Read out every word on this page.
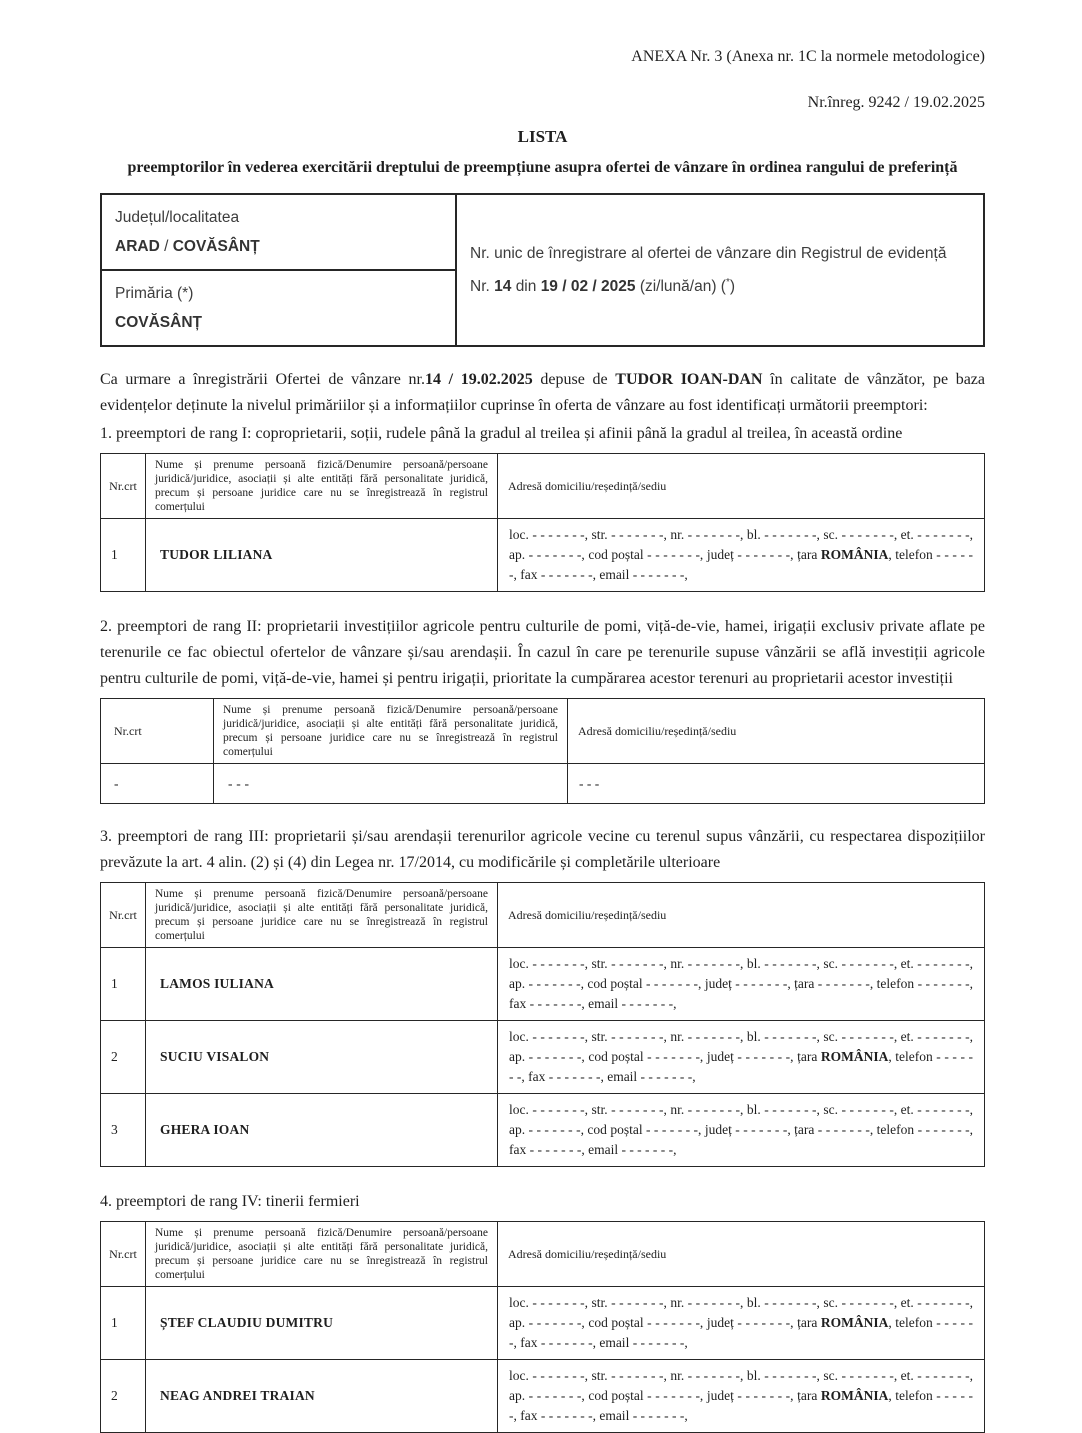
ANEXA Nr. 3 (Anexa nr. 1C la normele metodologice)
Nr.înreg. 9242 / 19.02.2025
LISTA
preemptorilor în vederea exercitării dreptului de preempțiune asupra ofertei de vânzare în ordinea rangului de preferință
Județul/localitatea
ARAD / COVĂSÂNȚ	Nr. unic de înregistrare al ofertei de vânzare din Registrul de evidență
Nr. 14 din 19 / 02 / 2025 (zi/lună/an) (*)

Primăria (*)
COVĂSÂNȚ
Ca urmare a înregistrării Ofertei de vânzare nr.14 / 19.02.2025 depuse de TUDOR IOAN-DAN în calitate de vânzător, pe baza evidențelor deținute la nivelul primăriilor și a informațiilor cuprinse în oferta de vânzare au fost identificați următorii preemptori:
1. preemptori de rang I: coproprietarii, soții, rudele până la gradul al treilea și afinii până la gradul al treilea, în această ordine
Nr.crt	Nume și prenume persoană fizică/Denumire persoană/persoane juridică/juridice, asociații și alte entități fără personalitate juridică, precum și persoane juridice care nu se înregistrează în registrul comerțului	Adresă domiciliu/reședință/sediu
1	TUDOR LILIANA	loc. - - - - - - -, str. - - - - - - -, nr. - - - - - - -, bl. - - - - - - -, sc. - - - - - - -, et. - - - - - - -, ap. - - - - - - -, cod poștal - - - - - - -, județ - - - - - - -, țara ROMÂNIA, telefon - - - - - -, fax - - - - - - -, email - - - - - - -,
2. preemptori de rang II: proprietarii investițiilor agricole pentru culturile de pomi, viță-de-vie, hamei, irigații exclusiv private aflate pe terenurile ce fac obiectul ofertelor de vânzare și/sau arendașii. În cazul în care pe terenurile supuse vânzării se află investiții agricole pentru culturile de pomi, viță-de-vie, hamei și pentru irigații, prioritate la cumpărarea acestor terenuri au proprietarii acestor investiții
Nr.crt	Nume și prenume persoană fizică/Denumire persoană/persoane juridică/juridice, asociații și alte entități fără personalitate juridică, precum și persoane juridice care nu se înregistrează în registrul comerțului	Adresă domiciliu/reședință/sediu
-	- - -	- - -
3. preemptori de rang III: proprietarii și/sau arendașii terenurilor agricole vecine cu terenul supus vânzării, cu respectarea dispozițiilor prevăzute la art. 4 alin. (2) și (4) din Legea nr. 17/2014, cu modificările și completările ulterioare
Nr.crt	Nume și prenume persoană fizică/Denumire persoană/persoane juridică/juridice, asociații și alte entități fără personalitate juridică, precum și persoane juridice care nu se înregistrează în registrul comerțului	Adresă domiciliu/reședință/sediu
1	LAMOS IULIANA	loc. - - - - - - -, str. - - - - - - -, nr. - - - - - - -, bl. - - - - - - -, sc. - - - - - - -, et. - - - - - - -, ap. - - - - - - -, cod poștal - - - - - - -, județ - - - - - - -, țara - - - - - - -, telefon - - - - - - -, fax - - - - - - -, email - - - - - - -,
2	SUCIU VISALON	loc. - - - - - - -, str. - - - - - - -, nr. - - - - - - -, bl. - - - - - - -, sc. - - - - - - -, et. - - - - - - -, ap. - - - - - - -, cod poștal - - - - - - -, județ - - - - - - -, țara ROMÂNIA, telefon - - - - - - -, fax - - - - - - -, email - - - - - - -,
3	GHERA IOAN	loc. - - - - - - -, str. - - - - - - -, nr. - - - - - - -, bl. - - - - - - -, sc. - - - - - - -, et. - - - - - - -, ap. - - - - - - -, cod poștal - - - - - - -, județ - - - - - - -, țara - - - - - - -, telefon - - - - - - -, fax - - - - - - -, email - - - - - - -,
4. preemptori de rang IV: tinerii fermieri
Nr.crt	Nume și prenume persoană fizică/Denumire persoană/persoane juridică/juridice, asociații și alte entități fără personalitate juridică, precum și persoane juridice care nu se înregistrează în registrul comerțului	Adresă domiciliu/reședință/sediu
1	ȘTEF CLAUDIU DUMITRU	loc. - - - - - - -, str. - - - - - - -, nr. - - - - - - -, bl. - - - - - - -, sc. - - - - - - -, et. - - - - - - -, ap. - - - - - - -, cod poștal - - - - - - -, județ - - - - - - -, țara ROMÂNIA, telefon - - - - - -, fax - - - - - - -, email - - - - - - -,
2	NEAG ANDREI TRAIAN	loc. - - - - - - -, str. - - - - - - -, nr. - - - - - - -, bl. - - - - - - -, sc. - - - - - - -, et. - - - - - - -, ap. - - - - - - -, cod poștal - - - - - - -, județ - - - - - - -, țara ROMÂNIA, telefon - - - - - -, fax - - - - - - -, email - - - - - - -,
